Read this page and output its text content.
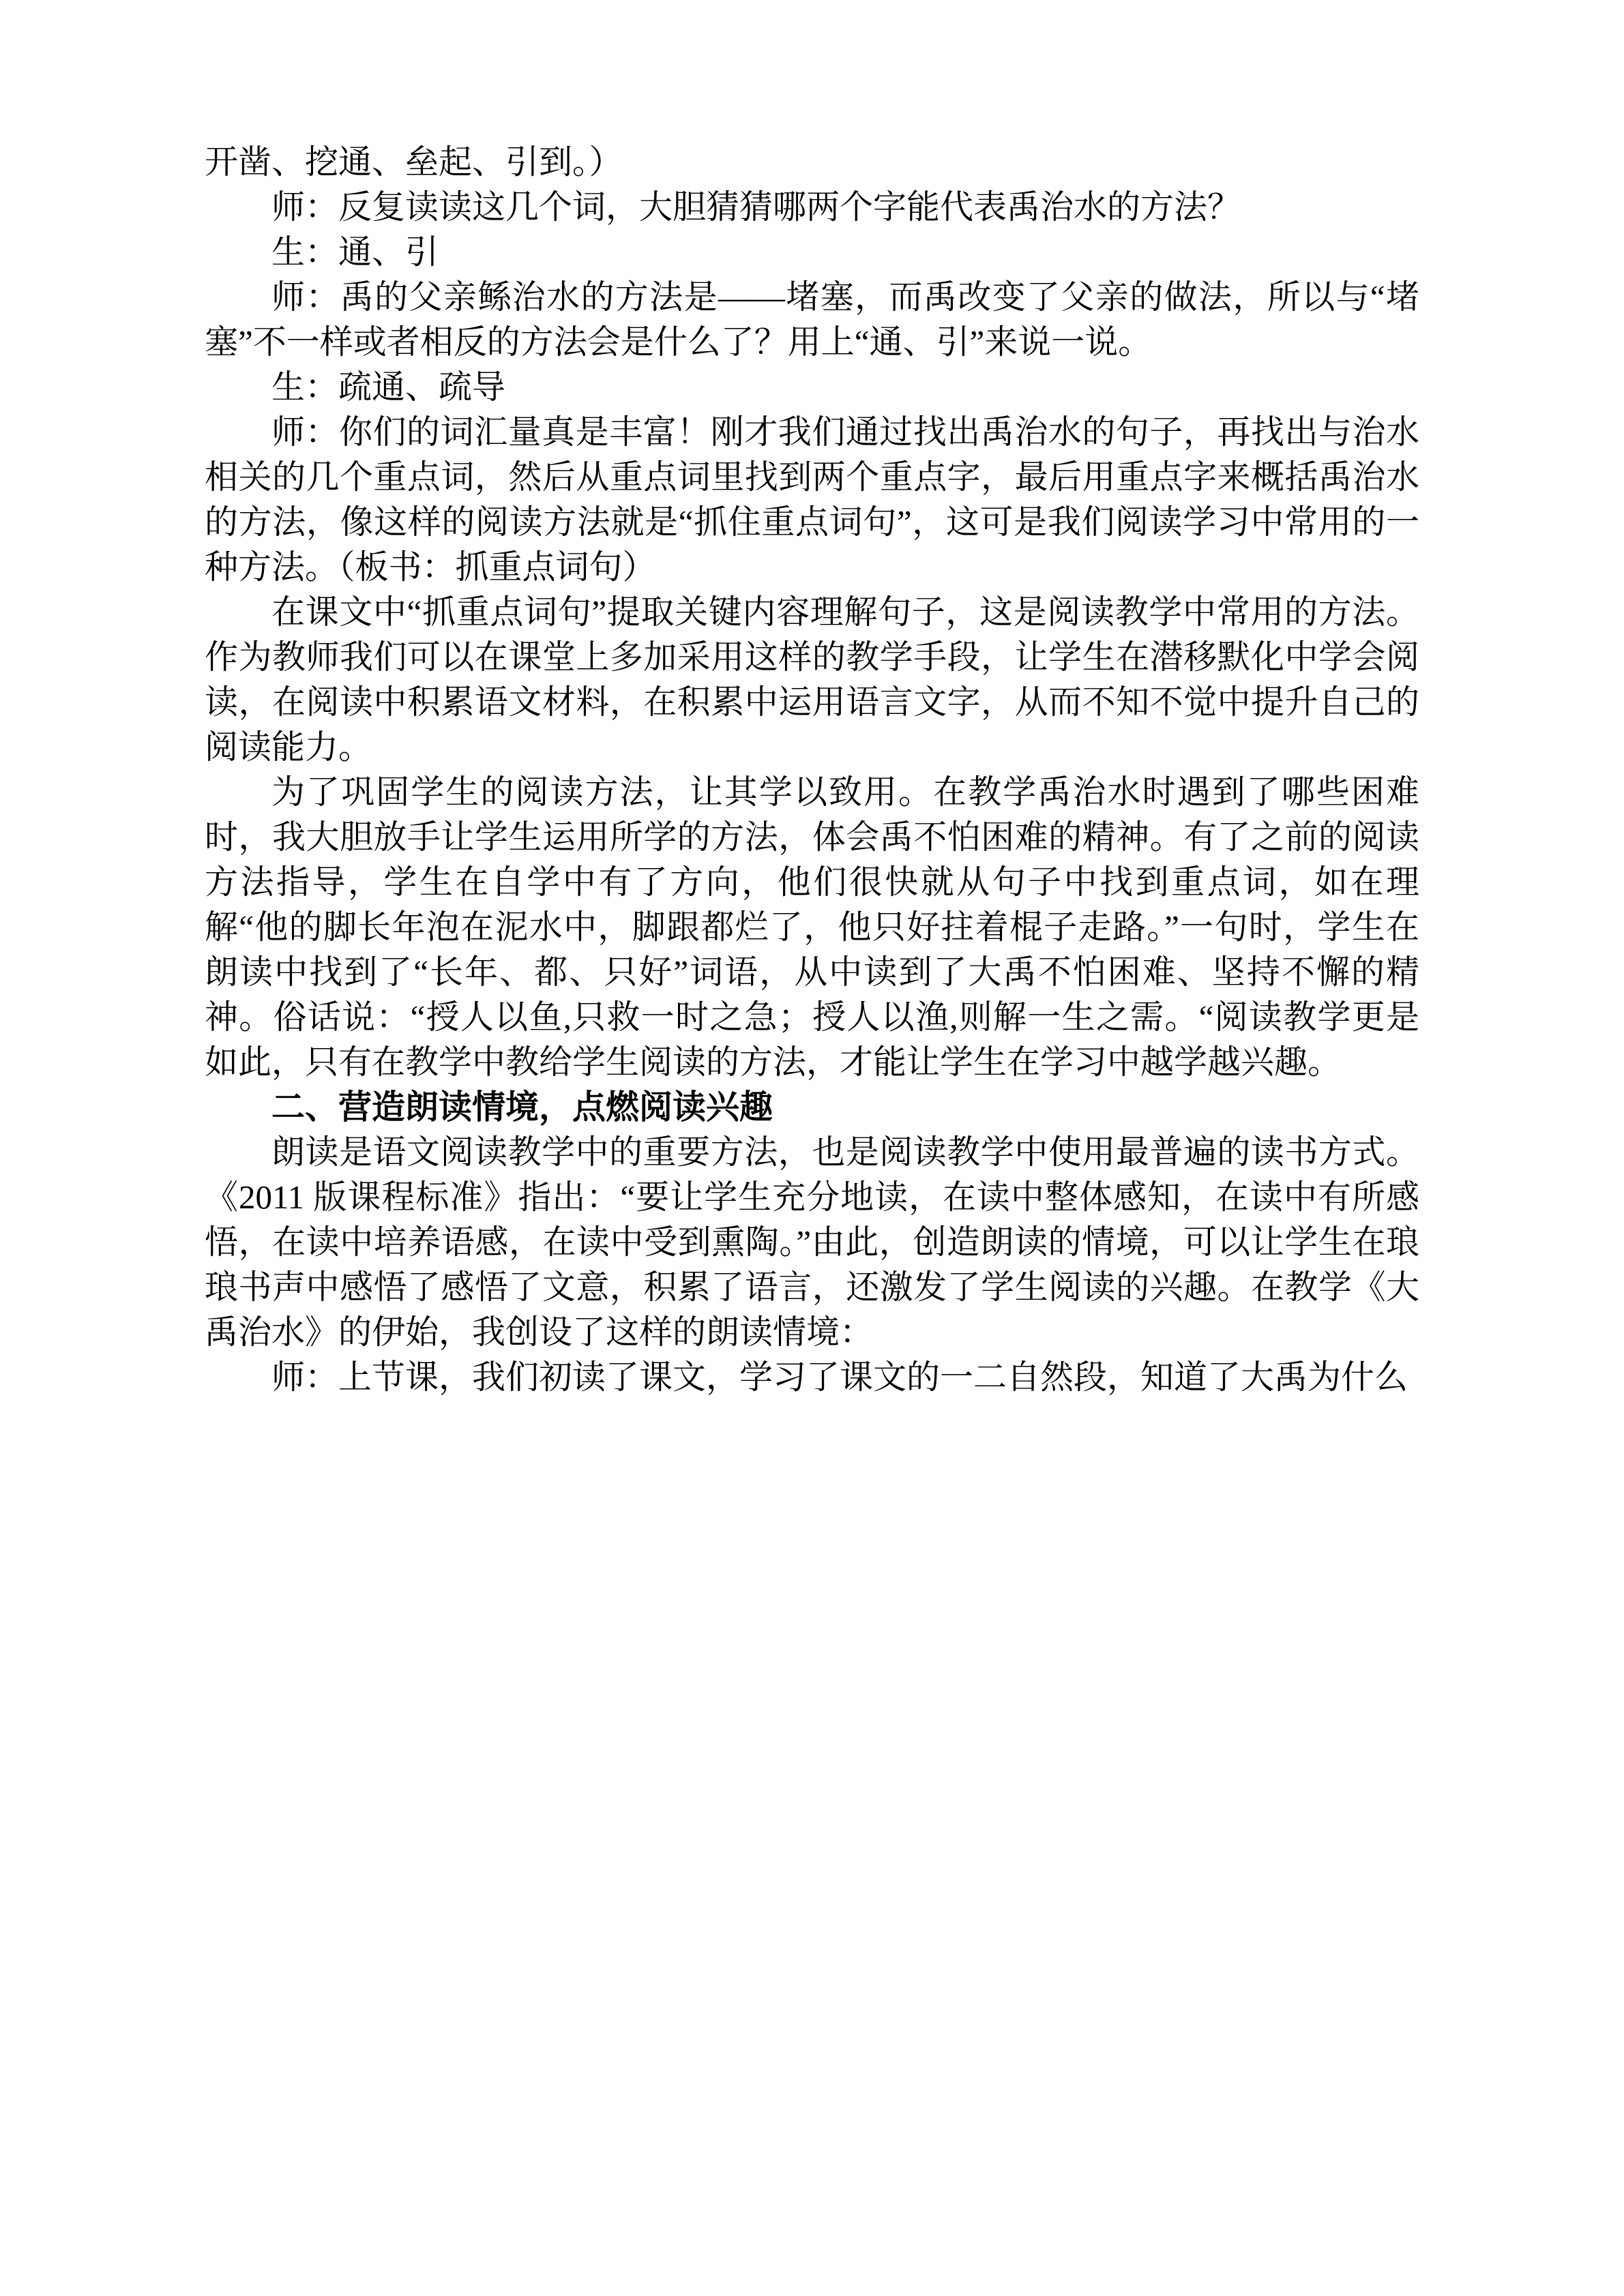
开凿、挖通、垒起、引到。）

师：反复读读这几个词，大胆猜猜哪两个字能代表禹治水的方法？

生：通、引

师：禹的父亲鲧治水的方法是——堵塞，而禹改变了父亲的做法，所以与“堵塞”不一样或者相反的方法会是什么了？用上“通、引”来说一说。

生：疏通、疏导

师：你们的词汇量真是丰富！刚才我们通过找出禹治水的句子，再找出与治水相关的几个重点词，然后从重点词里找到两个重点字，最后用重点字来概括禹治水的方法，像这样的阅读方法就是“抓住重点词句”，这可是我们阅读学习中常用的一种方法。（板书：抓重点词句）

在课文中“抓重点词句”提取关键内容理解句子，这是阅读教学中常用的方法。作为教师我们可以在课堂上多加采用这样的教学手段，让学生在潜移默化中学会阅读，在阅读中积累语文材料，在积累中运用语言文字，从而不知不觉中提升自己的阅读能力。

为了巩固学生的阅读方法，让其学以致用。在教学禹治水时遇到了哪些困难时，我大胆放手让学生运用所学的方法，体会禹不怕困难的精神。有了之前的阅读方法指导，学生在自学中有了方向，他们很快就从句子中找到重点词，如在理解“他的脚长年泡在泥水中，脚跟都烂了，他只好拄着棍子走路。”一句时，学生在朗读中找到了“长年、都、只好”词语，从中读到了大禹不怕困难、坚持不懈的精神。俗话说：“授人以鱼,只救一时之急；授人以渔,则解一生之需。“阅读教学更是如此，只有在教学中教给学生阅读的方法，才能让学生在学习中越学越兴趣。

二、营造朗读情境，点燃阅读兴趣

朗读是语文阅读教学中的重要方法，也是阅读教学中使用最普遍的读书方式。《2011 版课程标准》指出：“要让学生充分地读，在读中整体感知，在读中有所感悟，在读中培养语感，在读中受到熏陶。”由此，创造朗读的情境，可以让学生在琅琅书声中感悟了感悟了文意，积累了语言，还激发了学生阅读的兴趣。在教学《大禹治水》的伊始，我创设了这样的朗读情境：

师：上节课，我们初读了课文，学习了课文的一二自然段，知道了大禹为什么
